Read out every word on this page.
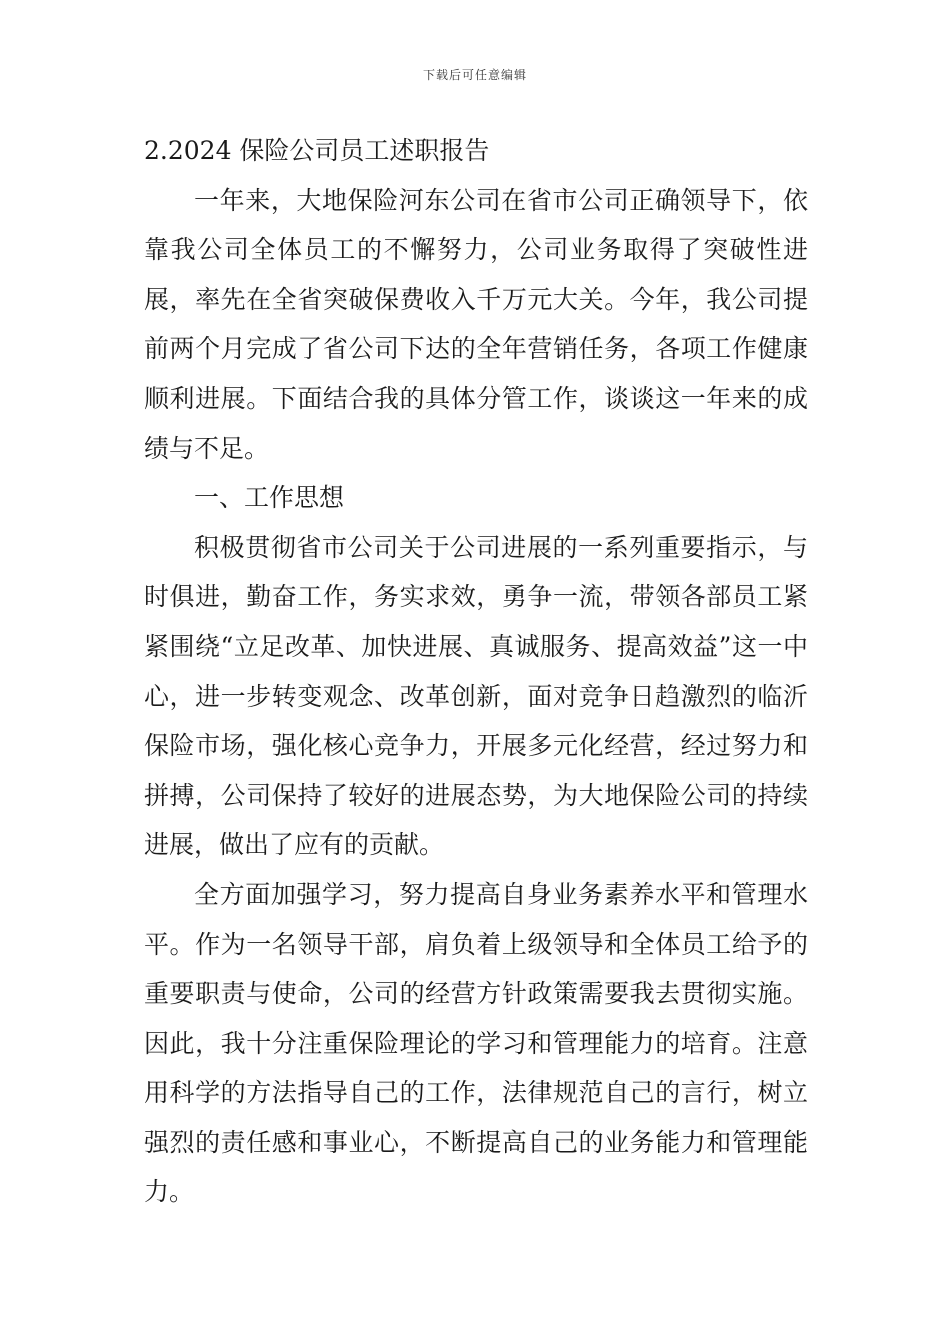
下载后可任意编辑
2.2024 保险公司员工述职报告

一年来，大地保险河东公司在省市公司正确领导下，依靠我公司全体员工的不懈努力，公司业务取得了突破性进展，率先在全省突破保费收入千万元大关。今年，我公司提前两个月完成了省公司下达的全年营销任务，各项工作健康顺利进展。下面结合我的具体分管工作，谈谈这一年来的成绩与不足。

一、工作思想

积极贯彻省市公司关于公司进展的一系列重要指示，与时俱进，勤奋工作，务实求效，勇争一流，带领各部员工紧紧围绕“立足改革、加快进展、真诚服务、提高效益”这一中心，进一步转变观念、改革创新，面对竞争日趋激烈的临沂保险市场，强化核心竞争力，开展多元化经营，经过努力和拼搏，公司保持了较好的进展态势，为大地保险公司的持续进展，做出了应有的贡献。

全方面加强学习，努力提高自身业务素养水平和管理水平。作为一名领导干部，肩负着上级领导和全体员工给予的重要职责与使命，公司的经营方针政策需要我去贯彻实施。因此，我十分注重保险理论的学习和管理能力的培育。注意用科学的方法指导自己的工作，法律规范自己的言行，树立强烈的责任感和事业心，不断提高自己的业务能力和管理能力。
